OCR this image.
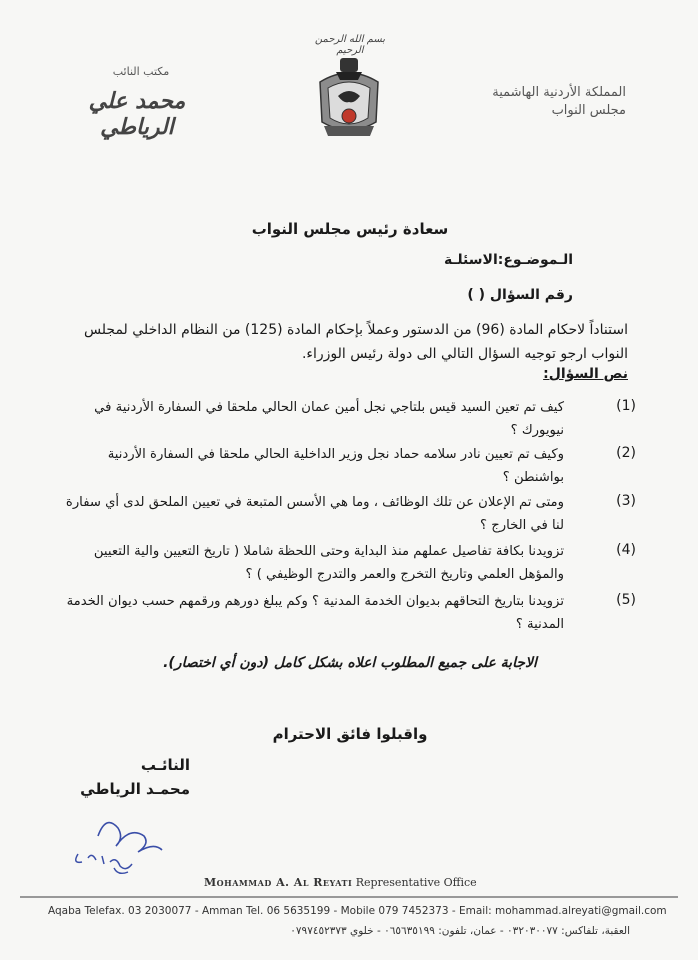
المملكة الأردنية الهاشمية
مجلس النواب
بسم الله الرحمن الرحيم
مكتب النائب
محمد علي الرياطي
سعادة رئيس مجلس النواب
الـموضـوع:الاسئلـة
رقم السؤال ( )
استناداً لاحكام المادة (96) من الدستور وعملاً بإحكام المادة (125) من النظام الداخلي لمجلس النواب ارجو توجيه السؤال التالي الى دولة رئيس الوزراء.
نص السؤال:
(1)
كيف تم تعين السيد قيس بلتاجي نجل أمين عمان الحالي ملحقا في السفارة الأردنية في نيويورك ؟
(2)
وكيف تم تعيين نادر سلامه حماد نجل وزير الداخلية الحالي ملحقا في السفارة الأردنية بواشنطن ؟
(3)
ومتى تم الإعلان عن تلك الوظائف ، وما هي الأسس المتبعة في تعيين الملحق لدى أي سفارة لنا في الخارج ؟
(4)
تزويدنا بكافة تفاصيل عملهم منذ البداية وحتى اللحظة شاملا ( تاريخ التعيين والية التعيين والمؤهل العلمي وتاريخ التخرج والعمر والتدرج الوظيفي ) ؟
(5)
تزويدنا بتاريخ التحاقهم بديوان الخدمة المدنية ؟ وكم يبلغ دورهم ورقمهم حسب ديوان الخدمة المدنية ؟
الاجابة على جميع المطلوب اعلاه بشكل كامل (دون أي اختصار).
واقبلوا فائق الاحترام
النائـب
محمـد الرياطي
Mohammad A. Al Reyati Representative Office
Aqaba Telefax. 03 2030077 - Amman Tel. 06 5635199 - Mobile 079 7452373 - Email: mohammad.alreyati@gmail.com
العقبة، تلفاكس: ٠٣٢٠٣٠٠٧٧ - عمان، تلفون: ٠٦٥٦٣٥١٩٩ - خلوي ٠٧٩٧٤٥٢٣٧٣
